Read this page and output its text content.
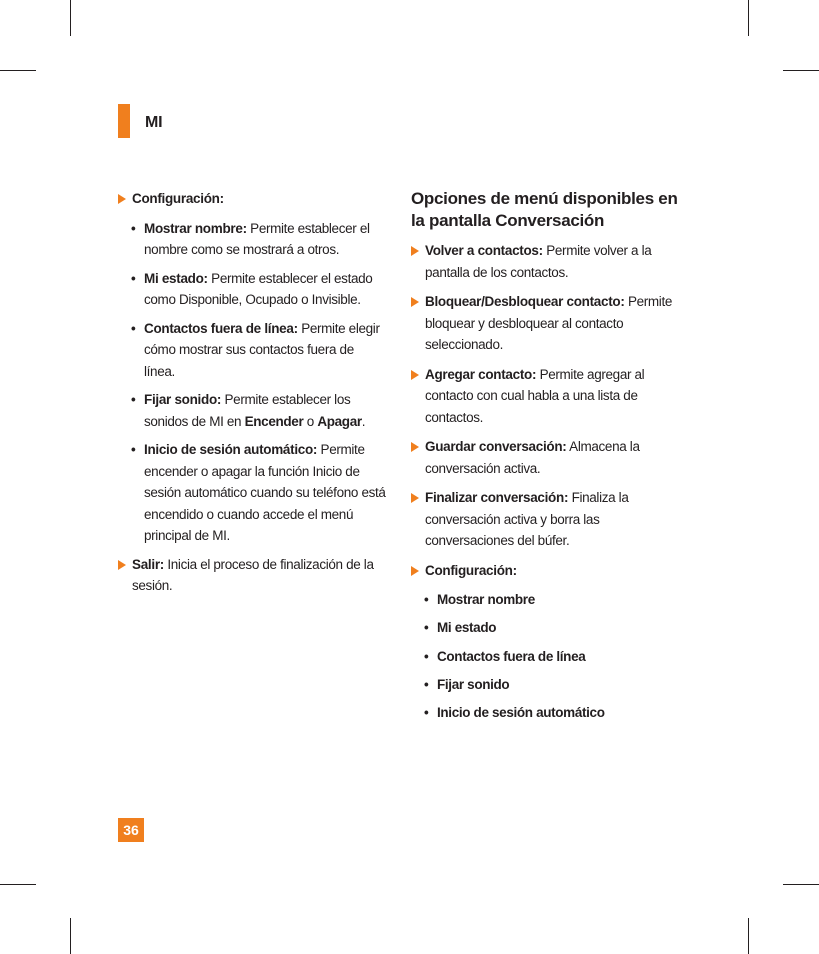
MI
Configuración:
• Mostrar nombre: Permite establecer el nombre como se mostrará a otros.
• Mi estado: Permite establecer el estado como Disponible, Ocupado o Invisible.
• Contactos fuera de línea: Permite elegir cómo mostrar sus contactos fuera de línea.
• Fijar sonido: Permite establecer los sonidos de MI en Encender o Apagar.
• Inicio de sesión automático: Permite encender o apagar la función Inicio de sesión automático cuando su teléfono está encendido o cuando accede el menú principal de MI.
Salir: Inicia el proceso de finalización de la sesión.
Opciones de menú disponibles en la pantalla Conversación
Volver a contactos: Permite volver a la pantalla de los contactos.
Bloquear/Desbloquear contacto: Permite bloquear y desbloquear al contacto seleccionado.
Agregar contacto: Permite agregar al contacto con cual habla a una lista de contactos.
Guardar conversación: Almacena la conversación activa.
Finalizar conversación: Finaliza la conversación activa y borra las conversaciones del búfer.
Configuración:
• Mostrar nombre
• Mi estado
• Contactos fuera de línea
• Fijar sonido
• Inicio de sesión automático
36
